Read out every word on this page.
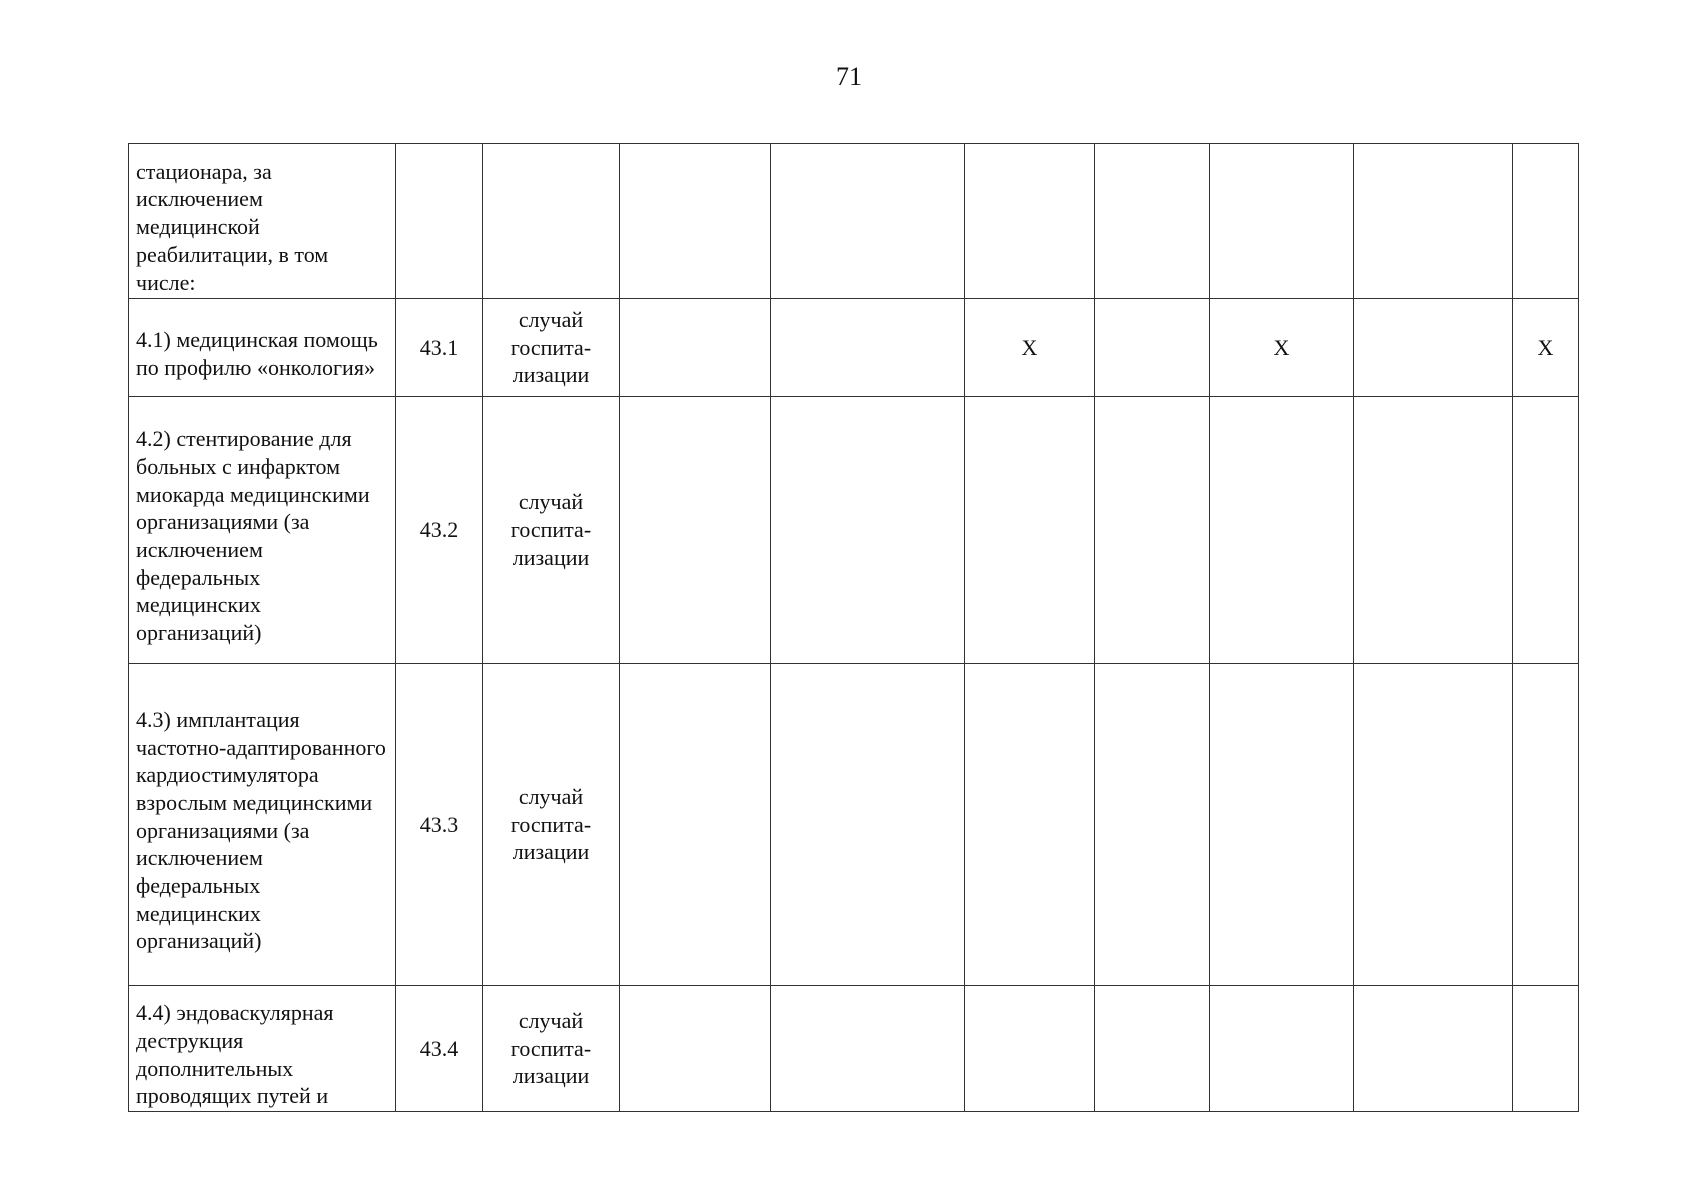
71
стационара, за исключением медицинской реабилитации, в том числе:									
4.1) медицинская помощь по профилю «онкология»	43.1	случай госпита-лизации			Х		Х		Х
4.2) стентирование для больных с инфарктом миокарда медицинскими организациями (за исключением федеральных медицинских организаций)	43.2	случай госпита-лизации							
4.3) имплантация частотно-адаптированного кардиостимулятора взрослым медицинскими организациями (за исключением федеральных медицинских организаций)	43.3	случай госпита-лизации							
4.4) эндоваскулярная деструкция дополнительных проводящих путей и	43.4	случай госпита-лизации							
